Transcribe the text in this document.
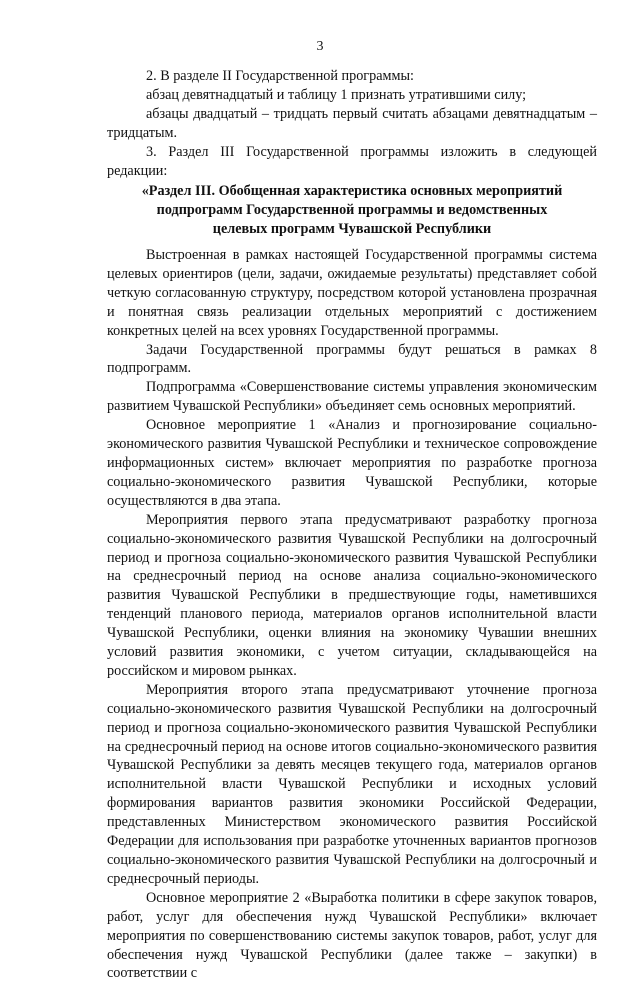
3

2. В разделе II Государственной программы:

абзац девятнадцатый и таблицу 1 признать утратившими силу;

абзацы двадцатый – тридцать первый считать абзацами девятнадцатым – тридцатым.

3. Раздел III Государственной программы изложить в следующей редакции:

«Раздел III. Обобщенная характеристика основных мероприятий
подпрограмм Государственной программы и ведомственных
целевых программ Чувашской Республики

Выстроенная в рамках настоящей Государственной программы система целевых ориентиров (цели, задачи, ожидаемые результаты) представляет собой четкую согласованную структуру, посредством которой установлена прозрачная и понятная связь реализации отдельных мероприятий с достижением конкретных целей на всех уровнях Государственной программы.

Задачи Государственной программы будут решаться в рамках 8 подпрограмм.

Подпрограмма «Совершенствование системы управления экономическим развитием Чувашской Республики» объединяет семь основных мероприятий.

Основное мероприятие 1 «Анализ и прогнозирование социально-экономического развития Чувашской Республики и техническое сопровождение информационных систем» включает мероприятия по разработке прогноза социально-экономического развития Чувашской Республики, которые осуществляются в два этапа.

Мероприятия первого этапа предусматривают разработку прогноза социально-экономического развития Чувашской Республики на долгосрочный период и прогноза социально-экономического развития Чувашской Республики на среднесрочный период на основе анализа социально-экономического развития Чувашской Республики в предшествующие годы, наметившихся тенденций планового периода, материалов органов исполнительной власти Чувашской Республики, оценки влияния на экономику Чувашии внешних условий развития экономики, с учетом ситуации, складывающейся на российском и мировом рынках.

Мероприятия второго этапа предусматривают уточнение прогноза социально-экономического развития Чувашской Республики на долгосрочный период и прогноза социально-экономического развития Чувашской Республики на среднесрочный период на основе итогов социально-экономического развития Чувашской Республики за девять месяцев текущего года, материалов органов исполнительной власти Чувашской Республики и исходных условий формирования вариантов развития экономики Российской Федерации, представленных Министерством экономического развития Российской Федерации для использования при разработке уточненных вариантов прогнозов социально-экономического развития Чувашской Республики на долгосрочный и среднесрочный периоды.

Основное мероприятие 2 «Выработка политики в сфере закупок товаров, работ, услуг для обеспечения нужд Чувашской Республики» включает мероприятия по совершенствованию системы закупок товаров, работ, услуг для обеспечения нужд Чувашской Республики (далее также – закупки) в соответствии с
